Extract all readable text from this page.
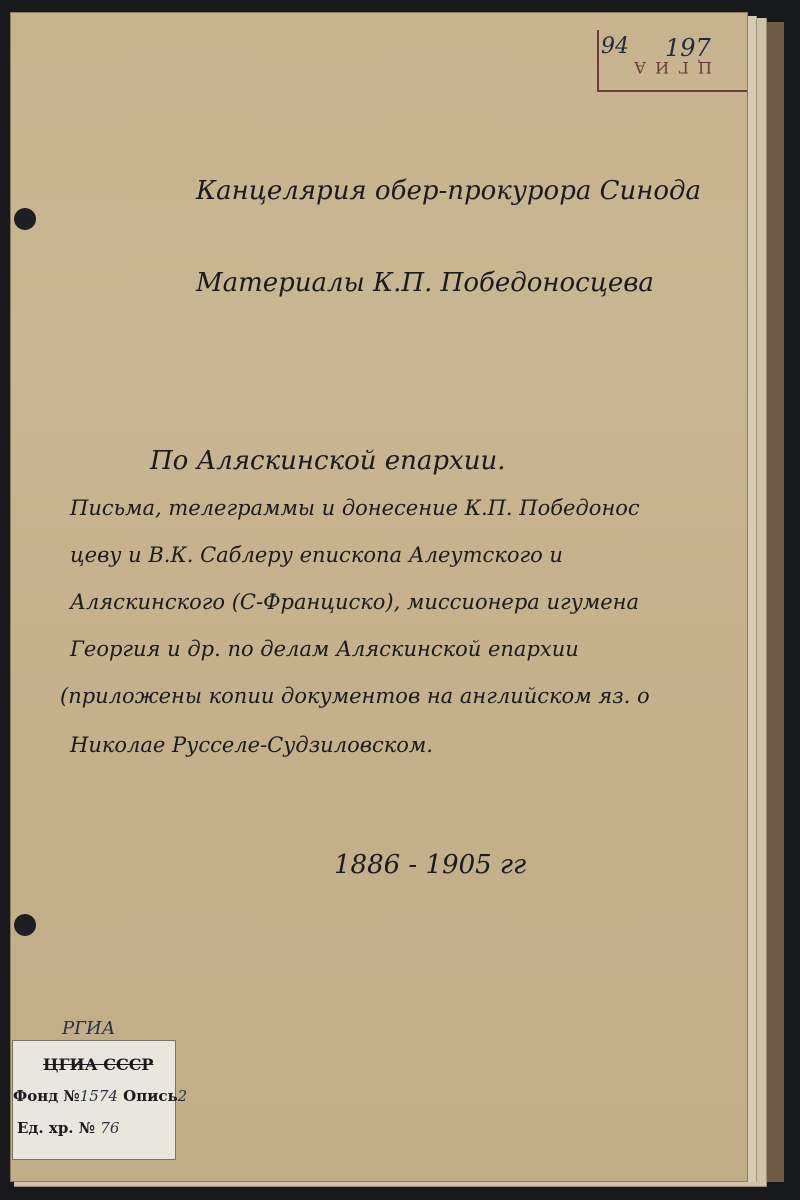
94 197
Ц Г И А
Канцелярия обер-прокурора Синода
Материалы К.П. Победоносцева
По Аляскинской епархии.
Письма, телеграммы и донесение К.П. Победонос
цеву и В.К. Саблеру епископа Алеутского и
Аляскинского (С-Франциско), миссионера игумена
Георгия и др. по делам Аляскинской епархии
(приложены копии документов на английском яз. о
Николае Русселе-Судзиловском.
1886 - 1905 гг
РГИА
ЦГИА СССР
Фонд №1574 Опись2
Ед. хр. № 76
